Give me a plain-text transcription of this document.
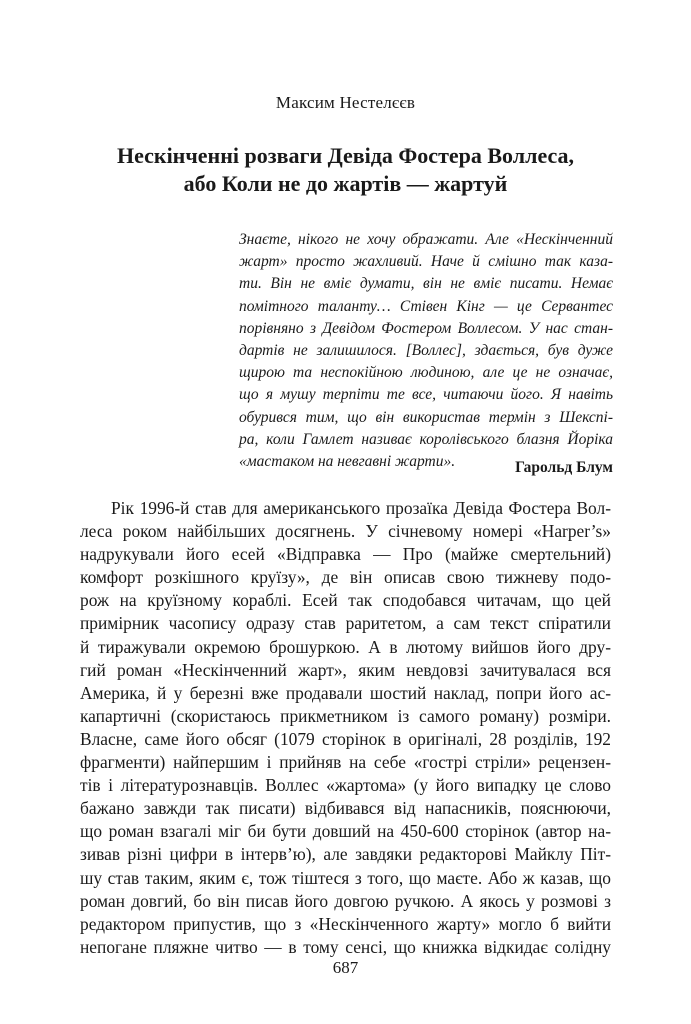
Максим Нестелєєв
Нескінченні розваги Девіда Фостера Воллеса,
або Коли не до жартів — жартуй
Знаєте, нікого не хочу ображати. Але «Нескінченний
жарт» просто жахливий. Наче й смішно так каза-
ти. Він не вміє думати, він не вміє писати. Немає
помітного таланту… Стівен Кінг — це Сервантес
порівняно з Девідом Фостером Воллесом. У нас стан-
дартів не залишилося. [Воллес], здається, був дуже
щирою та неспокійною людиною, але це не означає,
що я мушу терпіти те все, читаючи його. Я навіть
обурився тим, що він використав термін з Шекспі-
ра, коли Гамлет називає королівського блазня Йоріка
«мастаком на невгавні жарти».	Гарольд Блум
Рік 1996-й став для американського прозаїка Девіда Фостера Вол-
леса роком найбільших досягнень. У січневому номері «Harper’s»
надрукували його есей «Відправка — Про (майже смертельний)
комфорт розкішного круїзу», де він описав свою тижневу подо-
рож на круїзному кораблі. Есей так сподобався читачам, що цей
примірник часопису одразу став раритетом, а сам текст спіратили
й тиражували окремою брошуркою. А в лютому вийшов його дру-
гий роман «Нескінченний жарт», яким невдовзі зачитувалася вся
Америка, й у березні вже продавали шостий наклад, попри його ас-
капартичні (скористаюсь прикметником із самого роману) розміри.
Власне, саме його обсяг (1079 сторінок в оригіналі, 28 розділів, 192
фрагменти) найпершим і прийняв на себе «гострі стріли» рецензен-
тів і літературознавців. Воллес «жартома» (у його випадку це слово
бажано завжди так писати) відбивався від напасників, пояснюючи,
що роман взагалі міг би бути довший на 450-600 сторінок (автор на-
зивав різні цифри в інтерв’ю), але завдяки редакторові Майклу Піт-
шу став таким, яким є, тож тіштеся з того, що маєте. Або ж казав, що
роман довгий, бо він писав його довгою ручкою. А якось у розмові з
редактором припустив, що з «Нескінченного жарту» могло б вийти
непогане пляжне читво — в тому сенсі, що книжка відкидає солідну
687
